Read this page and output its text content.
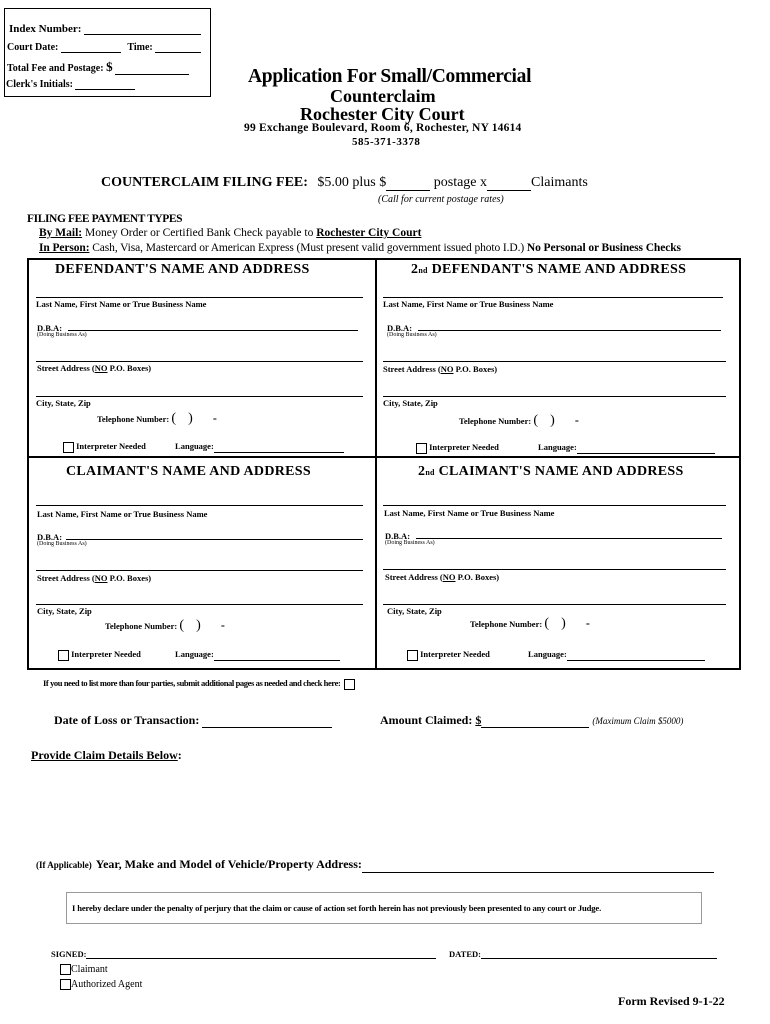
Index Number:
Court Date:	Time:
Total Fee and Postage: $
Clerk's Initials:	Application For Small/Commercial
Counterclaim
Rochester City Court
99 Exchange Boulevard, Room 6, Rochester, NY 14614
585-371-3378
COUNTERCLAIM FILING FEE: $5.00 plus $	postage x	Claimants
(Call for current postage rates)
FILING FEE PAYMENT TYPES
By Mail: Money Order or Certified Bank Check payable to Rochester City Court
In Person: Cash, Visa, Mastercard or American Express (Must present valid government issued photo I.D.) No Personal or Business Checks
DEFENDANT'S NAME AND ADDRESS
Last Name, First Name or True Business Name
D.B.A:
(Doing Business As)
Street Address (NO P.O. Boxes)
City, State, Zip
Telephone Number: ( ) -
Interpreter Needed	Language:
2nd DEFENDANT'S NAME AND ADDRESS
Last Name, First Name or True Business Name
D.B.A:
(Doing Business As)
Street Address (NO P.O. Boxes)
City, State, Zip
Telephone Number: ( ) -
Interpreter Needed	Language:
CLAIMANT'S NAME AND ADDRESS
Last Name, First Name or True Business Name
D.B.A:
(Doing Business As)
Street Address (NO P.O. Boxes)
City, State, Zip
Telephone Number: ( ) -
Interpreter Needed	Language:
2nd CLAIMANT'S NAME AND ADDRESS
Last Name, First Name or True Business Name
D.B.A:
(Doing Business As)
Street Address (NO P.O. Boxes)
City, State, Zip
Telephone Number: ( ) -
Interpreter Needed	Language:
If you need to list more than four parties, submit additional pages as needed and check here:
Date of Loss or Transaction:	Amount Claimed: $	(Maximum Claim $5000)
Provide Claim Details Below:
(If Applicable) Year, Make and Model of Vehicle/Property Address:
I hereby declare under the penalty of perjury that the claim or cause of action set forth herein has not previously been presented to any court or Judge.
SIGNED:	DATED:
Claimant
Authorized Agent
Form Revised 9-1-22
